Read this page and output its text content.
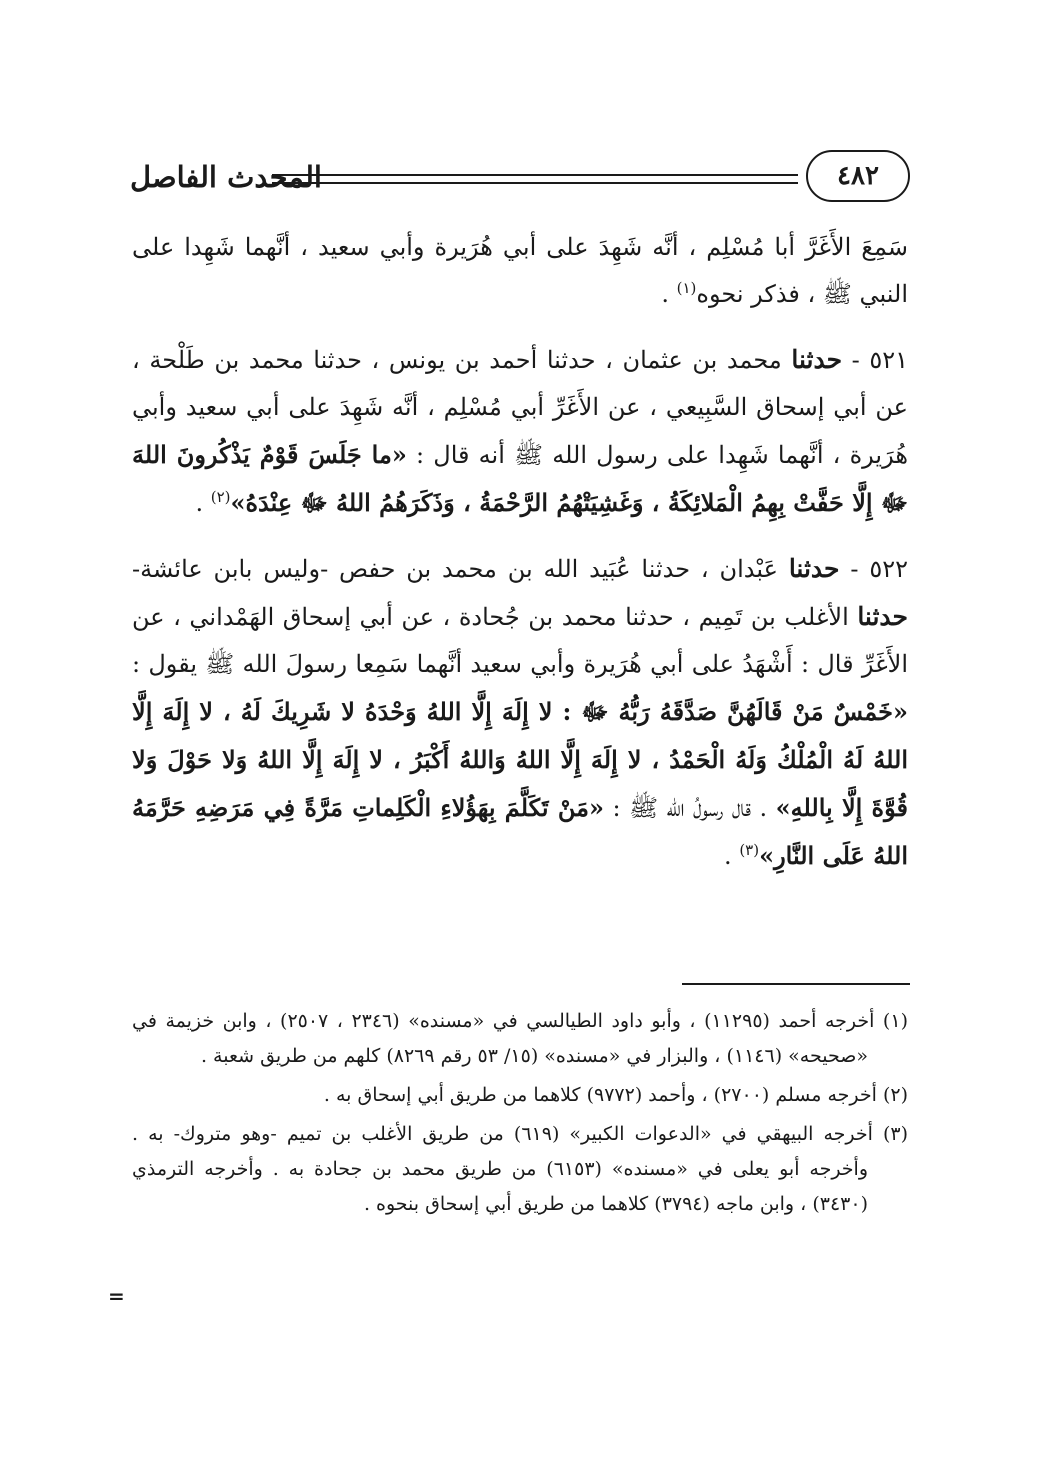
المحدث الفاصل	٤٨٢

سَمِعَ الأَغَرَّ أبا مُسْلِم ، أنَّه شَهِدَ على أبي هُرَيرة وأبي سعيد ، أنَّهما شَهِدا على النبي ﷺ ، فذكر نحوه$^{(١)}$ .

٥٢١ - حدثنا محمد بن عثمان ، حدثنا أحمد بن يونس ، حدثنا محمد بن طَلْحة ، عن أبي إسحاق السَّبِيعي ، عن الأَغَرِّ أبي مُسْلِم ، أنَّه شَهِدَ على أبي سعيد وأبي هُرَيرة ، أنَّهما شَهِدا على رسول الله ﷺ أنه قال : «ما جَلَسَ قَوْمٌ يَذْكُرونَ اللهَ ﷻ إِلَّا حَفَّتْ بِهِمُ الْمَلائِكَةُ ، وَغَشِيَتْهُمُ الرَّحْمَةُ ، وَذَكَرَهُمُ اللهُ ﷻ عِنْدَهُ»$^{(٢)}$ .

٥٢٢ - حدثنا عَبْدان ، حدثنا عُبَيد الله بن محمد بن حفص -وليس بابن عائشة- حدثنا الأغلب بن تَمِيم ، حدثنا محمد بن جُحادة ، عن أبي إسحاق الهَمْداني ، عن الأَغَرِّ قال : أَشْهَدُ على أبي هُرَيرة وأبي سعيد أنَّهما سَمِعا رسولَ الله ﷺ يقول : «خَمْسٌ مَنْ قَالَهُنَّ صَدَّقَهُ رَبُّهُ ﷻ : لا إِلَهَ إِلَّا اللهُ وَحْدَهُ لا شَرِيكَ لَهُ ، لا إِلَهَ إِلَّا اللهُ لَهُ الْمُلْكُ وَلَهُ الْحَمْدُ ، لا إِلَهَ إِلَّا اللهُ وَاللهُ أَكْبَرُ ، لا إِلَهَ إِلَّا اللهُ وَلا حَوْلَ وَلا قُوَّةَ إِلَّا بِاللهِ» . قال رسولُ الله ﷺ : «مَنْ تَكَلَّمَ بِهَؤُلاءِ الْكَلِماتِ مَرَّةً فِي مَرَضِهِ حَرَّمَهُ اللهُ عَلَى النَّارِ»$^{(٣)}$ .

(١) أخرجه أحمد (١١٢٩٥) ، وأبو داود الطيالسي في «مسنده» (٢٣٤٦ ، ٢٥٠٧) ، وابن خزيمة في «صحيحه» (١١٤٦) ، والبزار في «مسنده» (١٥/ ٥٣ رقم ٨٢٦٩) كلهم من طريق شعبة .

(٢) أخرجه مسلم (٢٧٠٠) ، وأحمد (٩٧٧٢) كلاهما من طريق أبي إسحاق به .

(٣) أخرجه البيهقي في «الدعوات الكبير» (٦١٩) من طريق الأغلب بن تميم -وهو متروك- به . وأخرجه أبو يعلى في «مسنده» (٦١٥٣) من طريق محمد بن جحادة به . وأخرجه الترمذي (٣٤٣٠) ، وابن ماجه (٣٧٩٤) كلاهما من طريق أبي إسحاق بنحوه .

=
